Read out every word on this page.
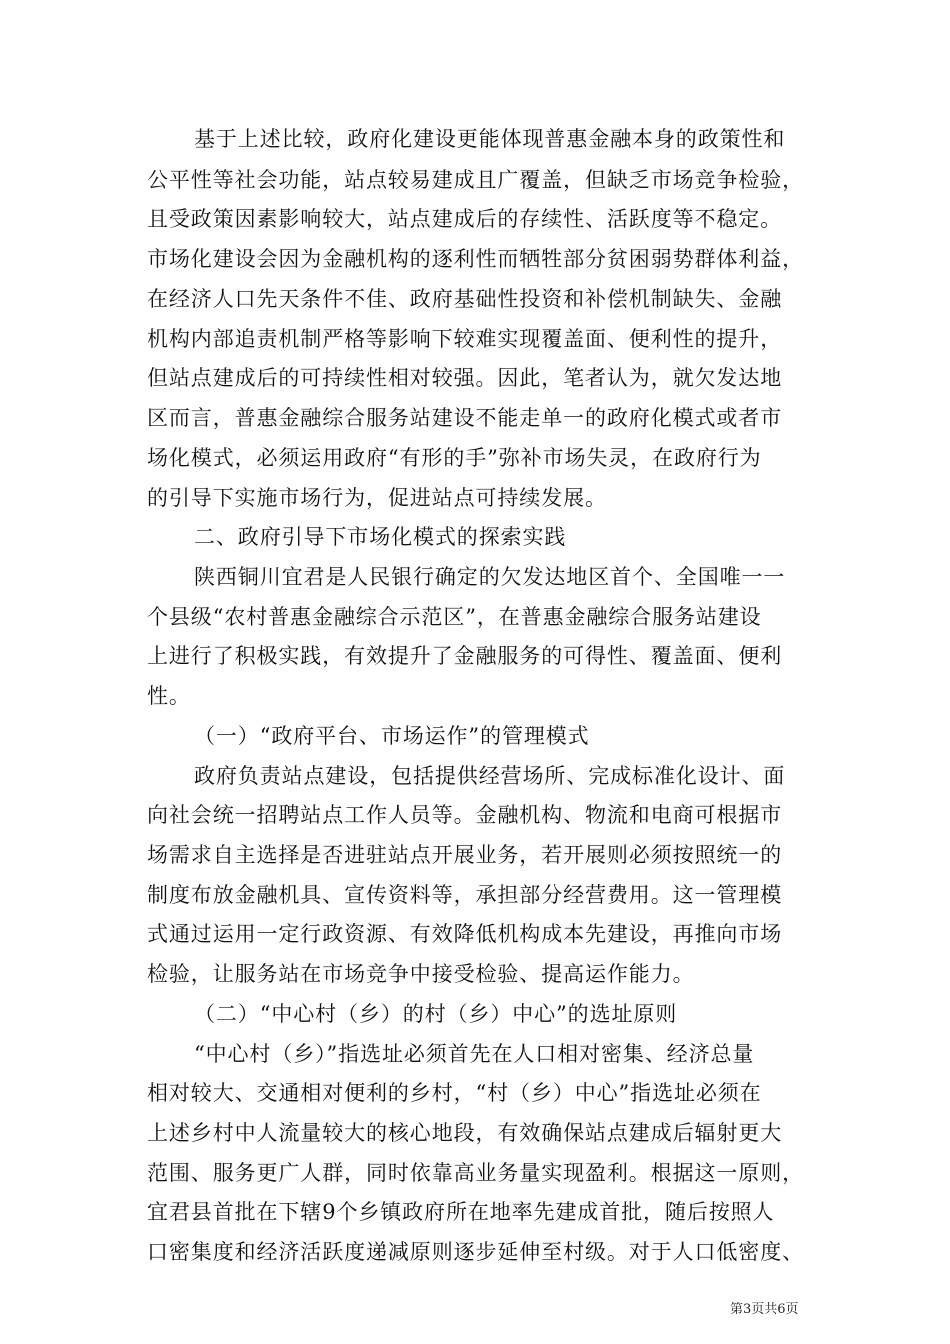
基于上述比较，政府化建设更能体现普惠金融本身的政策性和
公平性等社会功能，站点较易建成且广覆盖，但缺乏市场竞争检验，
且受政策因素影响较大，站点建成后的存续性、活跃度等不稳定。
市场化建设会因为金融机构的逐利性而牺牲部分贫困弱势群体利益，
在经济人口先天条件不佳、政府基础性投资和补偿机制缺失、金融
机构内部追责机制严格等影响下较难实现覆盖面、便利性的提升，
但站点建成后的可持续性相对较强。因此，笔者认为，就欠发达地
区而言，普惠金融综合服务站建设不能走单一的政府化模式或者市
场化模式，必须运用政府“有形的手”弥补市场失灵，在政府行为
的引导下实施市场行为，促进站点可持续发展。
二、政府引导下市场化模式的探索实践
陕西铜川宜君是人民银行确定的欠发达地区首个、全国唯一一
个县级“农村普惠金融综合示范区”，在普惠金融综合服务站建设
上进行了积极实践，有效提升了金融服务的可得性、覆盖面、便利
性。
（一）“政府平台、市场运作”的管理模式
政府负责站点建设，包括提供经营场所、完成标准化设计、面
向社会统一招聘站点工作人员等。金融机构、物流和电商可根据市
场需求自主选择是否进驻站点开展业务，若开展则必须按照统一的
制度布放金融机具、宣传资料等，承担部分经营费用。这一管理模
式通过运用一定行政资源、有效降低机构成本先建设，再推向市场
检验，让服务站在市场竞争中接受检验、提高运作能力。
（二）“中心村（乡）的村（乡）中心”的选址原则
“中心村（乡）”指选址必须首先在人口相对密集、经济总量
相对较大、交通相对便利的乡村，“村（乡）中心”指选址必须在
上述乡村中人流量较大的核心地段，有效确保站点建成后辐射更大
范围、服务更广人群，同时依靠高业务量实现盈利。根据这一原则，
宜君县首批在下辖9个乡镇政府所在地率先建成首批，随后按照人
口密集度和经济活跃度递减原则逐步延伸至村级。对于人口低密度、
第3页共6页
